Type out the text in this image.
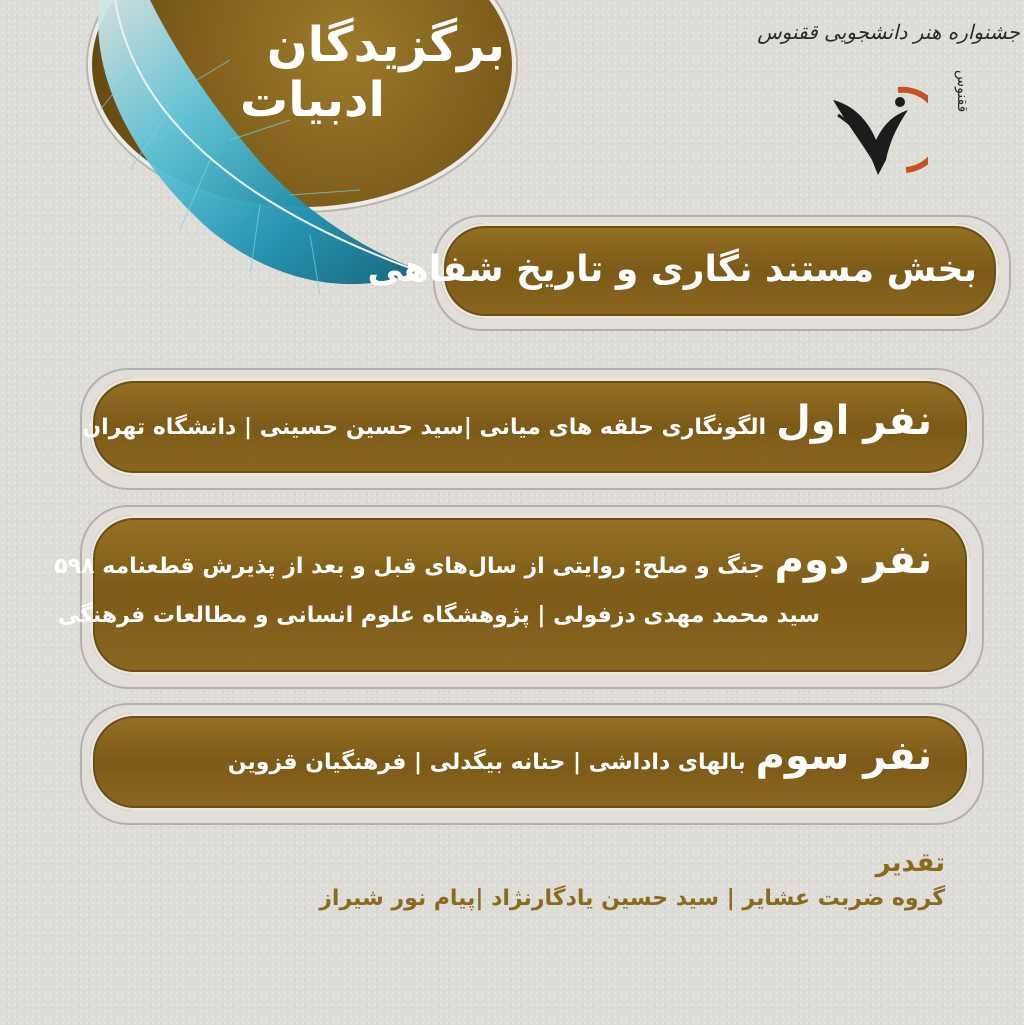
برگزیدگان
ادبیات
جشنواره هنر دانشجویی ققنوس
ققنوس
بخش مستند نگاری و تاریخ شفاهی
نفر اول
الگونگاری حلقه های میانی |سید حسین حسینی | دانشگاه تهران
نفر دوم
جنگ و صلح: روایتی از سال‌های قبل و بعد از پذیرش قطعنامه ۵۹۸
سید محمد مهدی دزفولی | پژوهشگاه علوم انسانی و مطالعات فرهنگی
نفر سوم
بالهای داداشی | حنانه بیگدلی | فرهنگیان قزوین
تقدیر
گروه ضربت عشایر | سید حسین یادگارنژاد |پیام نور شیراز
